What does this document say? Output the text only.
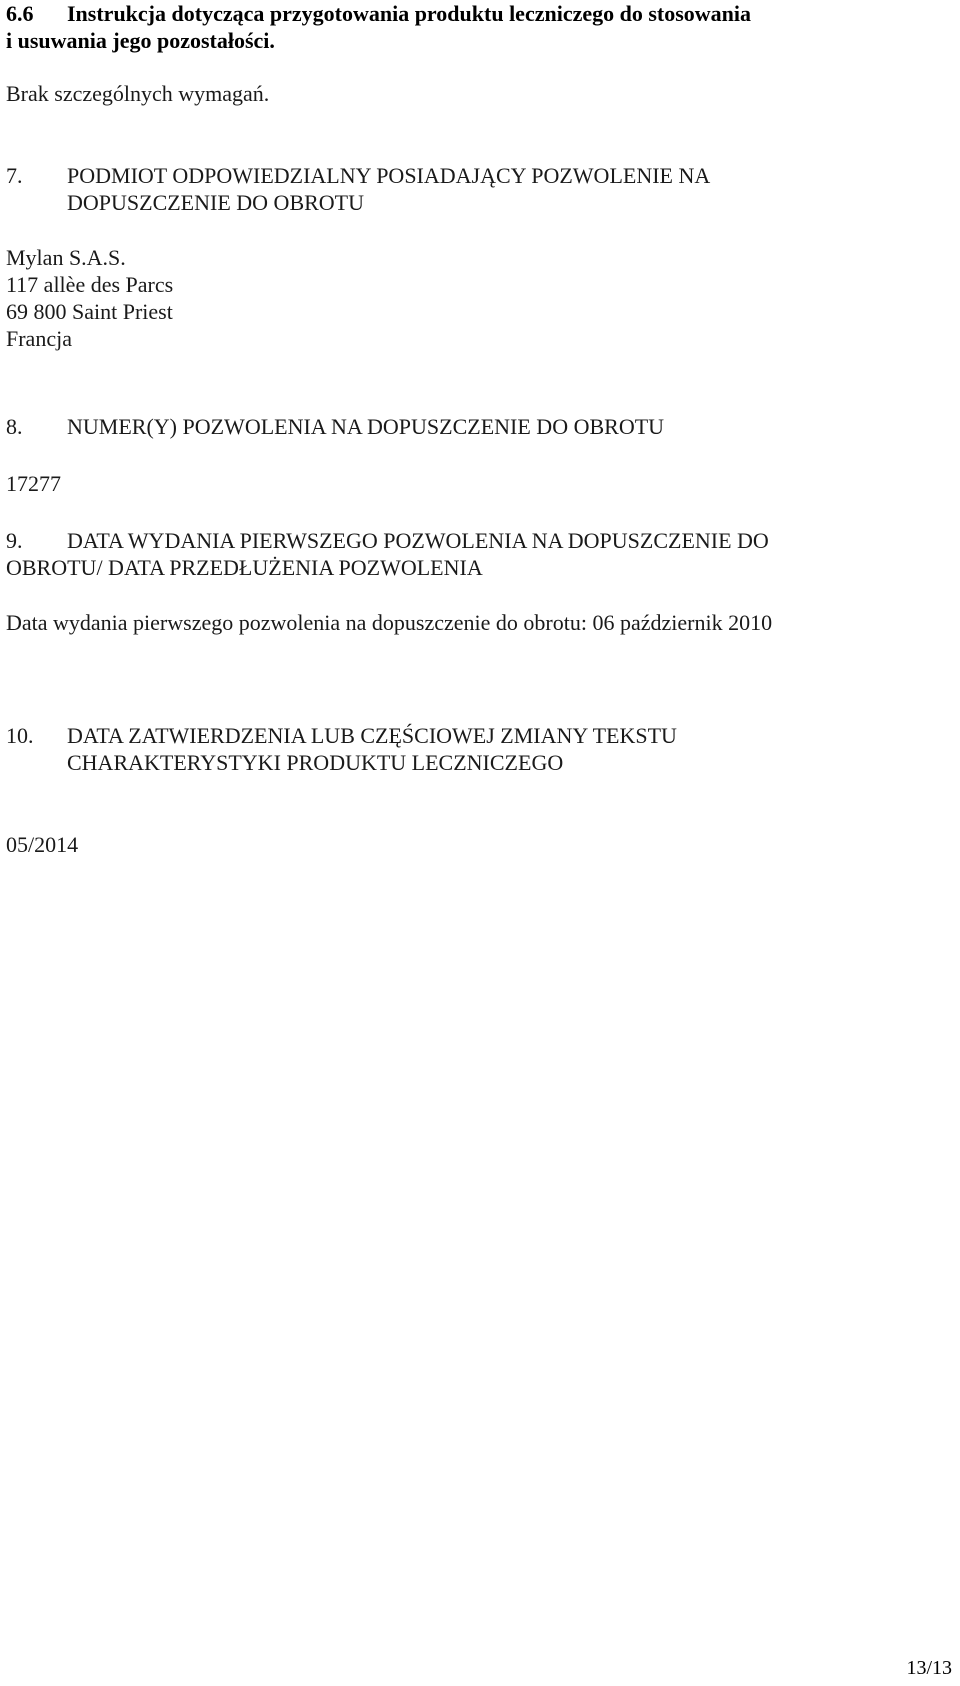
6.6 Instrukcja dotycząca przygotowania produktu leczniczego do stosowania
i usuwania jego pozostałości.

Brak szczególnych wymagań.

7. PODMIOT ODPOWIEDZIALNY POSIADAJĄCY POZWOLENIE NA
DOPUSZCZENIE DO OBROTU
Mylan S.A.S.
117 allèe des Parcs
69 800 Saint Priest
Francja
8. NUMER(Y) POZWOLENIA NA DOPUSZCZENIE DO OBROTU

17277

9. DATA WYDANIA PIERWSZEGO POZWOLENIA NA DOPUSZCZENIE DO
OBROTU/ DATA PRZEDŁUŻENIA POZWOLENIA

Data wydania pierwszego pozwolenia na dopuszczenie do obrotu: 06 październik 2010

10. DATA ZATWIERDZENIA LUB CZĘŚCIOWEJ ZMIANY TEKSTU
CHARAKTERYSTYKI PRODUKTU LECZNICZEGO

05/2014

13/13
